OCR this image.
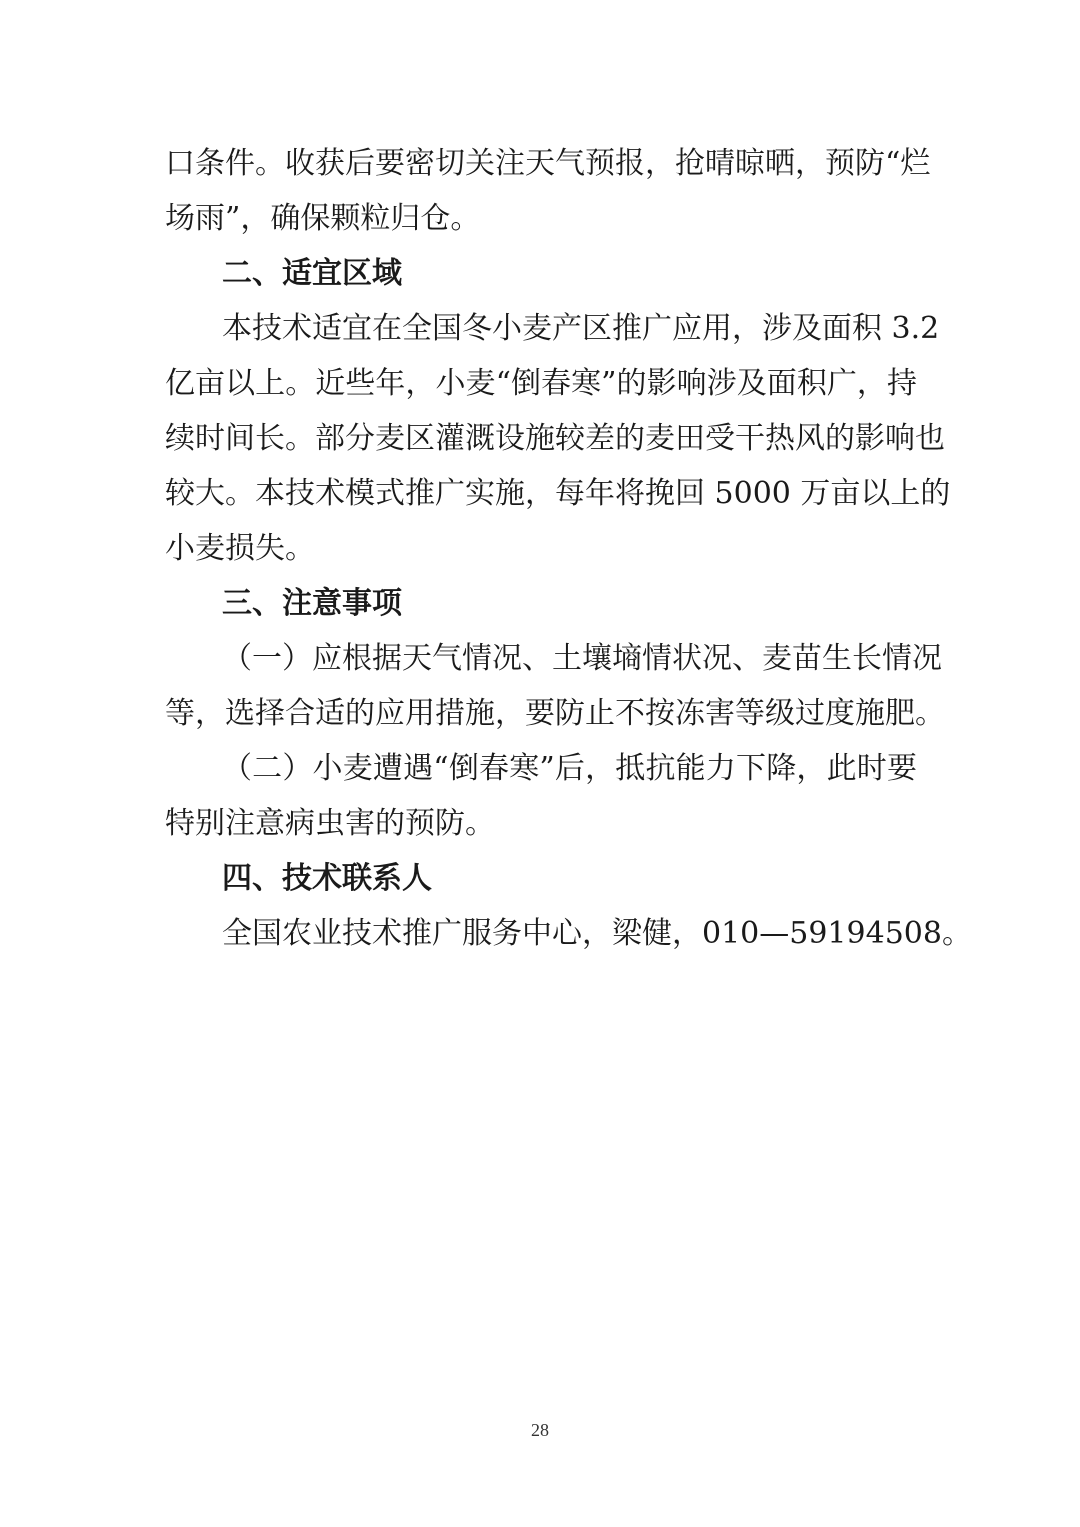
口条件。收获后要密切关注天气预报，抢晴晾晒，预防“烂
场雨”，确保颗粒归仓。
二、适宜区域
本技术适宜在全国冬小麦产区推广应用，涉及面积 3.2
亿亩以上。近些年，小麦“倒春寒”的影响涉及面积广，持
续时间长。部分麦区灌溉设施较差的麦田受干热风的影响也
较大。本技术模式推广实施，每年将挽回 5000 万亩以上的
小麦损失。
三、注意事项
（一）应根据天气情况、土壤墒情状况、麦苗生长情况
等，选择合适的应用措施，要防止不按冻害等级过度施肥。
（二）小麦遭遇“倒春寒”后，抵抗能力下降，此时要
特别注意病虫害的预防。
四、技术联系人
全国农业技术推广服务中心，梁健，010—59194508。
28
